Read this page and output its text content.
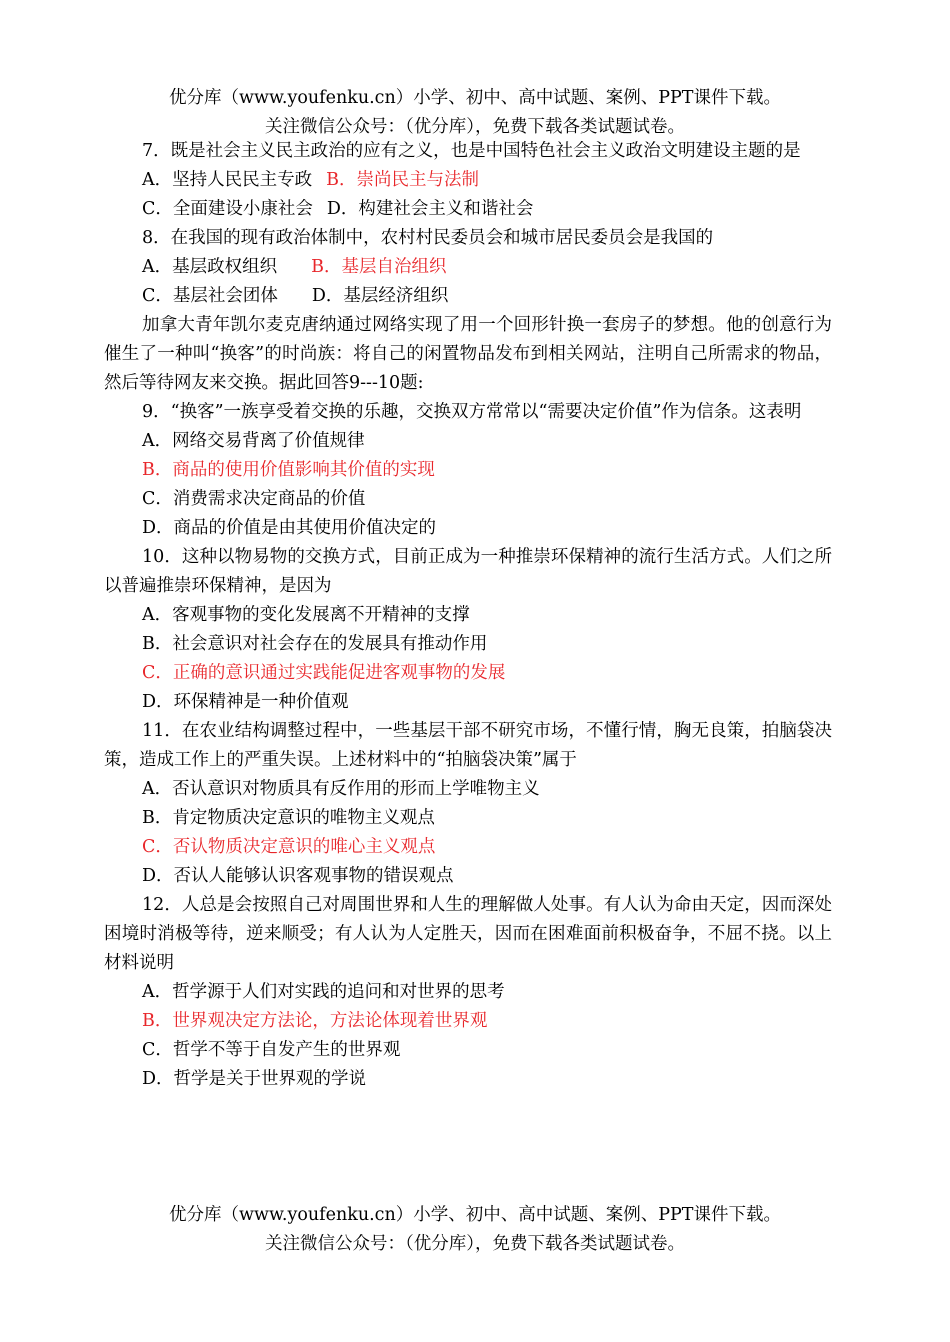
优分库（www.youfenku.cn）小学、初中、高中试题、案例、PPT课件下载。
关注微信公众号：（优分库），免费下载各类试题试卷。
7．既是社会主义民主政治的应有之义，也是中国特色社会主义政治文明建设主题的是
A．坚持人民民主专政 B．崇尚民主与法制
C．全面建设小康社会 D．构建社会主义和谐社会
8．在我国的现有政治体制中，农村村民委员会和城市居民委员会是我国的
A．基层政权组织 B．基层自治组织
C．基层社会团体 D．基层经济组织
加拿大青年凯尔麦克唐纳通过网络实现了用一个回形针换一套房子的梦想。他的创意行为催生了一种叫“换客”的时尚族：将自己的闲置物品发布到相关网站，注明自己所需求的物品，然后等待网友来交换。据此回答9---10题:
9．“换客”一族享受着交换的乐趣，交换双方常常以“需要决定价值”作为信条。这表明
A．网络交易背离了价值规律
B．商品的使用价值影响其价值的实现
C．消费需求决定商品的价值
D．商品的价值是由其使用价值决定的
10．这种以物易物的交换方式，目前正成为一种推崇环保精神的流行生活方式。人们之所以普遍推崇环保精神，是因为
A．客观事物的变化发展离不开精神的支撑
B．社会意识对社会存在的发展具有推动作用
C．正确的意识通过实践能促进客观事物的发展
D．环保精神是一种价值观
11．在农业结构调整过程中，一些基层干部不研究市场，不懂行情，胸无良策，拍脑袋决策，造成工作上的严重失误。上述材料中的“拍脑袋决策”属于
A．否认意识对物质具有反作用的形而上学唯物主义
B．肯定物质决定意识的唯物主义观点
C．否认物质决定意识的唯心主义观点
D．否认人能够认识客观事物的错误观点
12．人总是会按照自己对周围世界和人生的理解做人处事。有人认为命由天定，因而深处困境时消极等待，逆来顺受；有人认为人定胜天，因而在困难面前积极奋争，不屈不挠。以上材料说明
A．哲学源于人们对实践的追问和对世界的思考
B．世界观决定方法论，方法论体现着世界观
C．哲学不等于自发产生的世界观
D．哲学是关于世界观的学说
优分库（www.youfenku.cn）小学、初中、高中试题、案例、PPT课件下载。
关注微信公众号：（优分库），免费下载各类试题试卷。
